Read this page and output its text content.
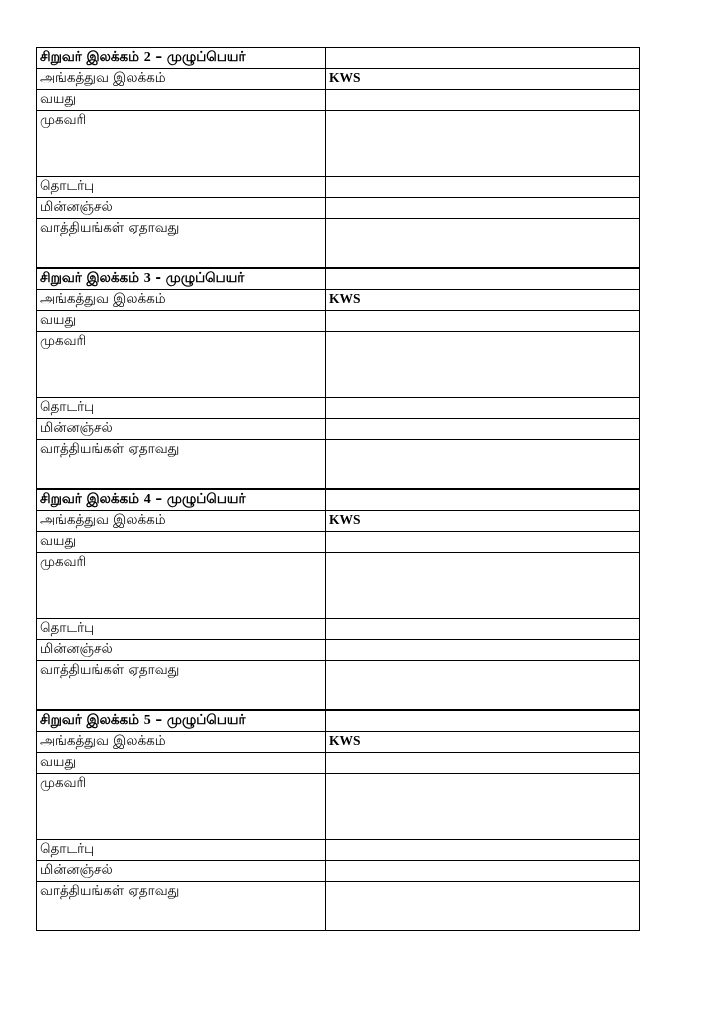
சிறுவர் இலக்கம் 2 – முழுப்பெயர்	
அங்கத்துவ இலக்கம்	KWS
வயது	
முகவரி	
தொடர்பு	
மின்னஞ்சல்	
வாத்தியங்கள் ஏதாவது	
சிறுவர் இலக்கம் 3 - முழுப்பெயர்	
அங்கத்துவ இலக்கம்	KWS
வயது	
முகவரி	
தொடர்பு	
மின்னஞ்சல்	
வாத்தியங்கள் ஏதாவது	
சிறுவர் இலக்கம் 4 – முழுப்பெயர்	
அங்கத்துவ இலக்கம்	KWS
வயது	
முகவரி	
தொடர்பு	
மின்னஞ்சல்	
வாத்தியங்கள் ஏதாவது	
சிறுவர் இலக்கம் 5 – முழுப்பெயர்	
அங்கத்துவ இலக்கம்	KWS
வயது	
முகவரி	
தொடர்பு	
மின்னஞ்சல்	
வாத்தியங்கள் ஏதாவது	
